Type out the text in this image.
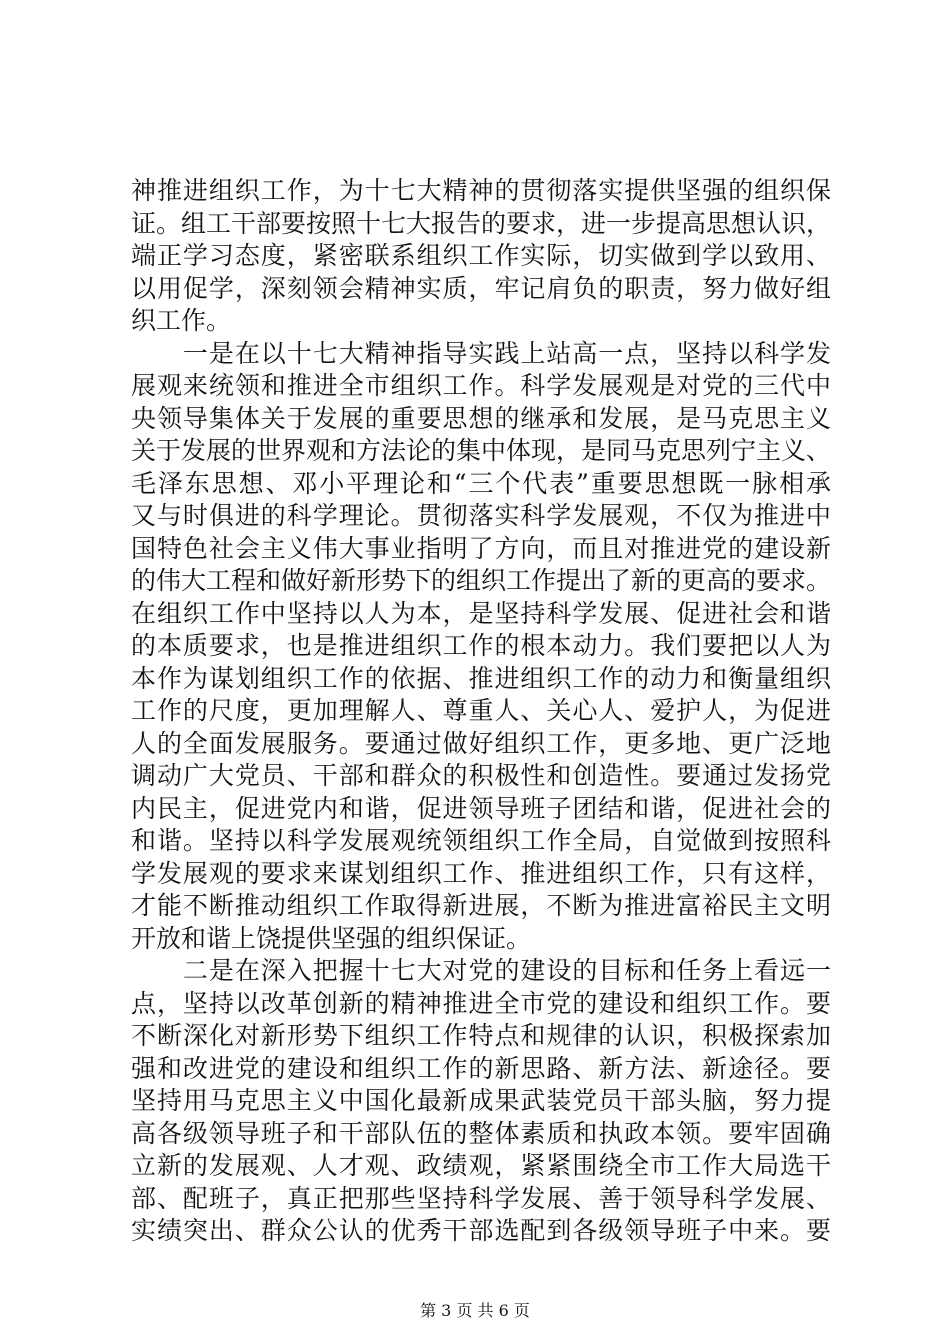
神推进组织工作，为十七大精神的贯彻落实提供坚强的组织保
证。组工干部要按照十七大报告的要求，进一步提高思想认识，
端正学习态度，紧密联系组织工作实际，切实做到学以致用、
以用促学，深刻领会精神实质，牢记肩负的职责，努力做好组
织工作。
　　一是在以十七大精神指导实践上站高一点，坚持以科学发
展观来统领和推进全市组织工作。科学发展观是对党的三代中
央领导集体关于发展的重要思想的继承和发展，是马克思主义
关于发展的世界观和方法论的集中体现，是同马克思列宁主义、
毛泽东思想、邓小平理论和“三个代表”重要思想既一脉相承
又与时俱进的科学理论。贯彻落实科学发展观，不仅为推进中
国特色社会主义伟大事业指明了方向，而且对推进党的建设新
的伟大工程和做好新形势下的组织工作提出了新的更高的要求。
在组织工作中坚持以人为本，是坚持科学发展、促进社会和谐
的本质要求，也是推进组织工作的根本动力。我们要把以人为
本作为谋划组织工作的依据、推进组织工作的动力和衡量组织
工作的尺度，更加理解人、尊重人、关心人、爱护人，为促进
人的全面发展服务。要通过做好组织工作，更多地、更广泛地
调动广大党员、干部和群众的积极性和创造性。要通过发扬党
内民主，促进党内和谐，促进领导班子团结和谐，促进社会的
和谐。坚持以科学发展观统领组织工作全局，自觉做到按照科
学发展观的要求来谋划组织工作、推进组织工作，只有这样，
才能不断推动组织工作取得新进展，不断为推进富裕民主文明
开放和谐上饶提供坚强的组织保证。
　　二是在深入把握十七大对党的建设的目标和任务上看远一
点，坚持以改革创新的精神推进全市党的建设和组织工作。要
不断深化对新形势下组织工作特点和规律的认识，积极探索加
强和改进党的建设和组织工作的新思路、新方法、新途径。要
坚持用马克思主义中国化最新成果武装党员干部头脑，努力提
高各级领导班子和干部队伍的整体素质和执政本领。要牢固确
立新的发展观、人才观、政绩观，紧紧围绕全市工作大局选干
部、配班子，真正把那些坚持科学发展、善于领导科学发展、
实绩突出、群众公认的优秀干部选配到各级领导班子中来。要
第 3 页 共 6 页
